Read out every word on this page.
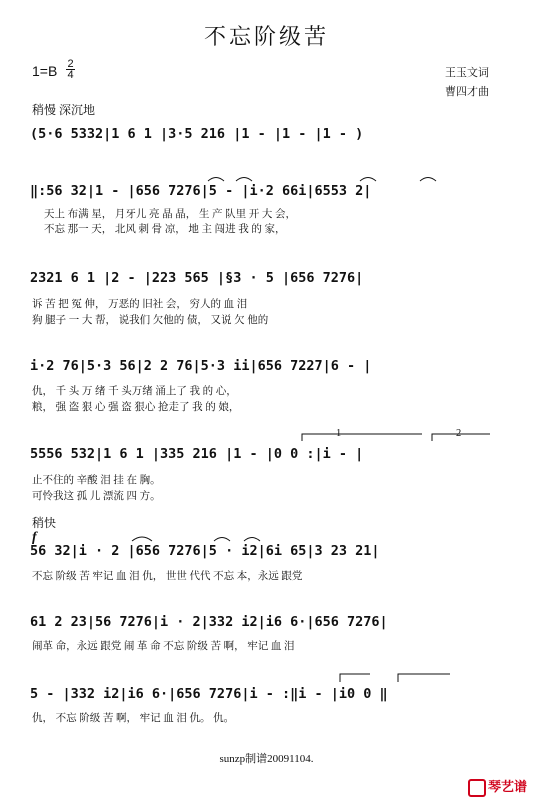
不忘阶级苦
1=B 2
4	王玉文词
曹四才曲
稍慢 深沉地
(5·6 5332|1 6 1 |3·5 216 |1 - |1 - |1 - )
‖:56 32|1 - |656 7276|5 - |i·2 66i|6553 2|
天上 布满 星， 月牙儿 亮 晶 晶， 生 产 队里 开 大 会，
不忘 那一 天， 北风 刺 骨 凉， 地 主 闯进 我 的 家，
2321 6 1 |2 - |223 565 |§3 · 5 |656 7276|
诉 苦 把 冤 伸， 万恶的 旧社 会， 穷人的 血 泪
狗 腿子 一 大 帮， 说我们 欠他的 债， 又说 欠 他的
i·2 76|5·3 56|2 2 76|5·3 ii|656 7227|6 - |
仇， 千 头 万 绪 千 头万绪 涌上了 我 的 心，
粮， 强 盗 狠 心 强 盗 狠心 抢走了 我 的 娘，
1	2
5556 532|1 6 1 |335 216 |1 - |0 0 :|i - |
止不住的 辛酸 泪 挂 在 胸。
可怜我这 孤 儿 漂流 四 方。
稍快
f
56 32|i · 2 |656 7276|5 · i2|6i 65|3 23 21|
不忘 阶级 苦 牢记 血 泪 仇， 世世 代代 不忘 本，永远 跟党
61 2 23|56 7276|i · 2|332 i2|i6 6·|656 7276|
闹革 命，永远 跟党 闹 革 命 不忘 阶级 苦 啊， 牢记 血 泪
5 - |332 i2|i6 6·|656 7276|i - :‖i - |i0 0 ‖
仇， 不忘 阶级 苦 啊， 牢记 血 泪 仇。 仇。
sunzp制谱20091104.
琴艺谱
